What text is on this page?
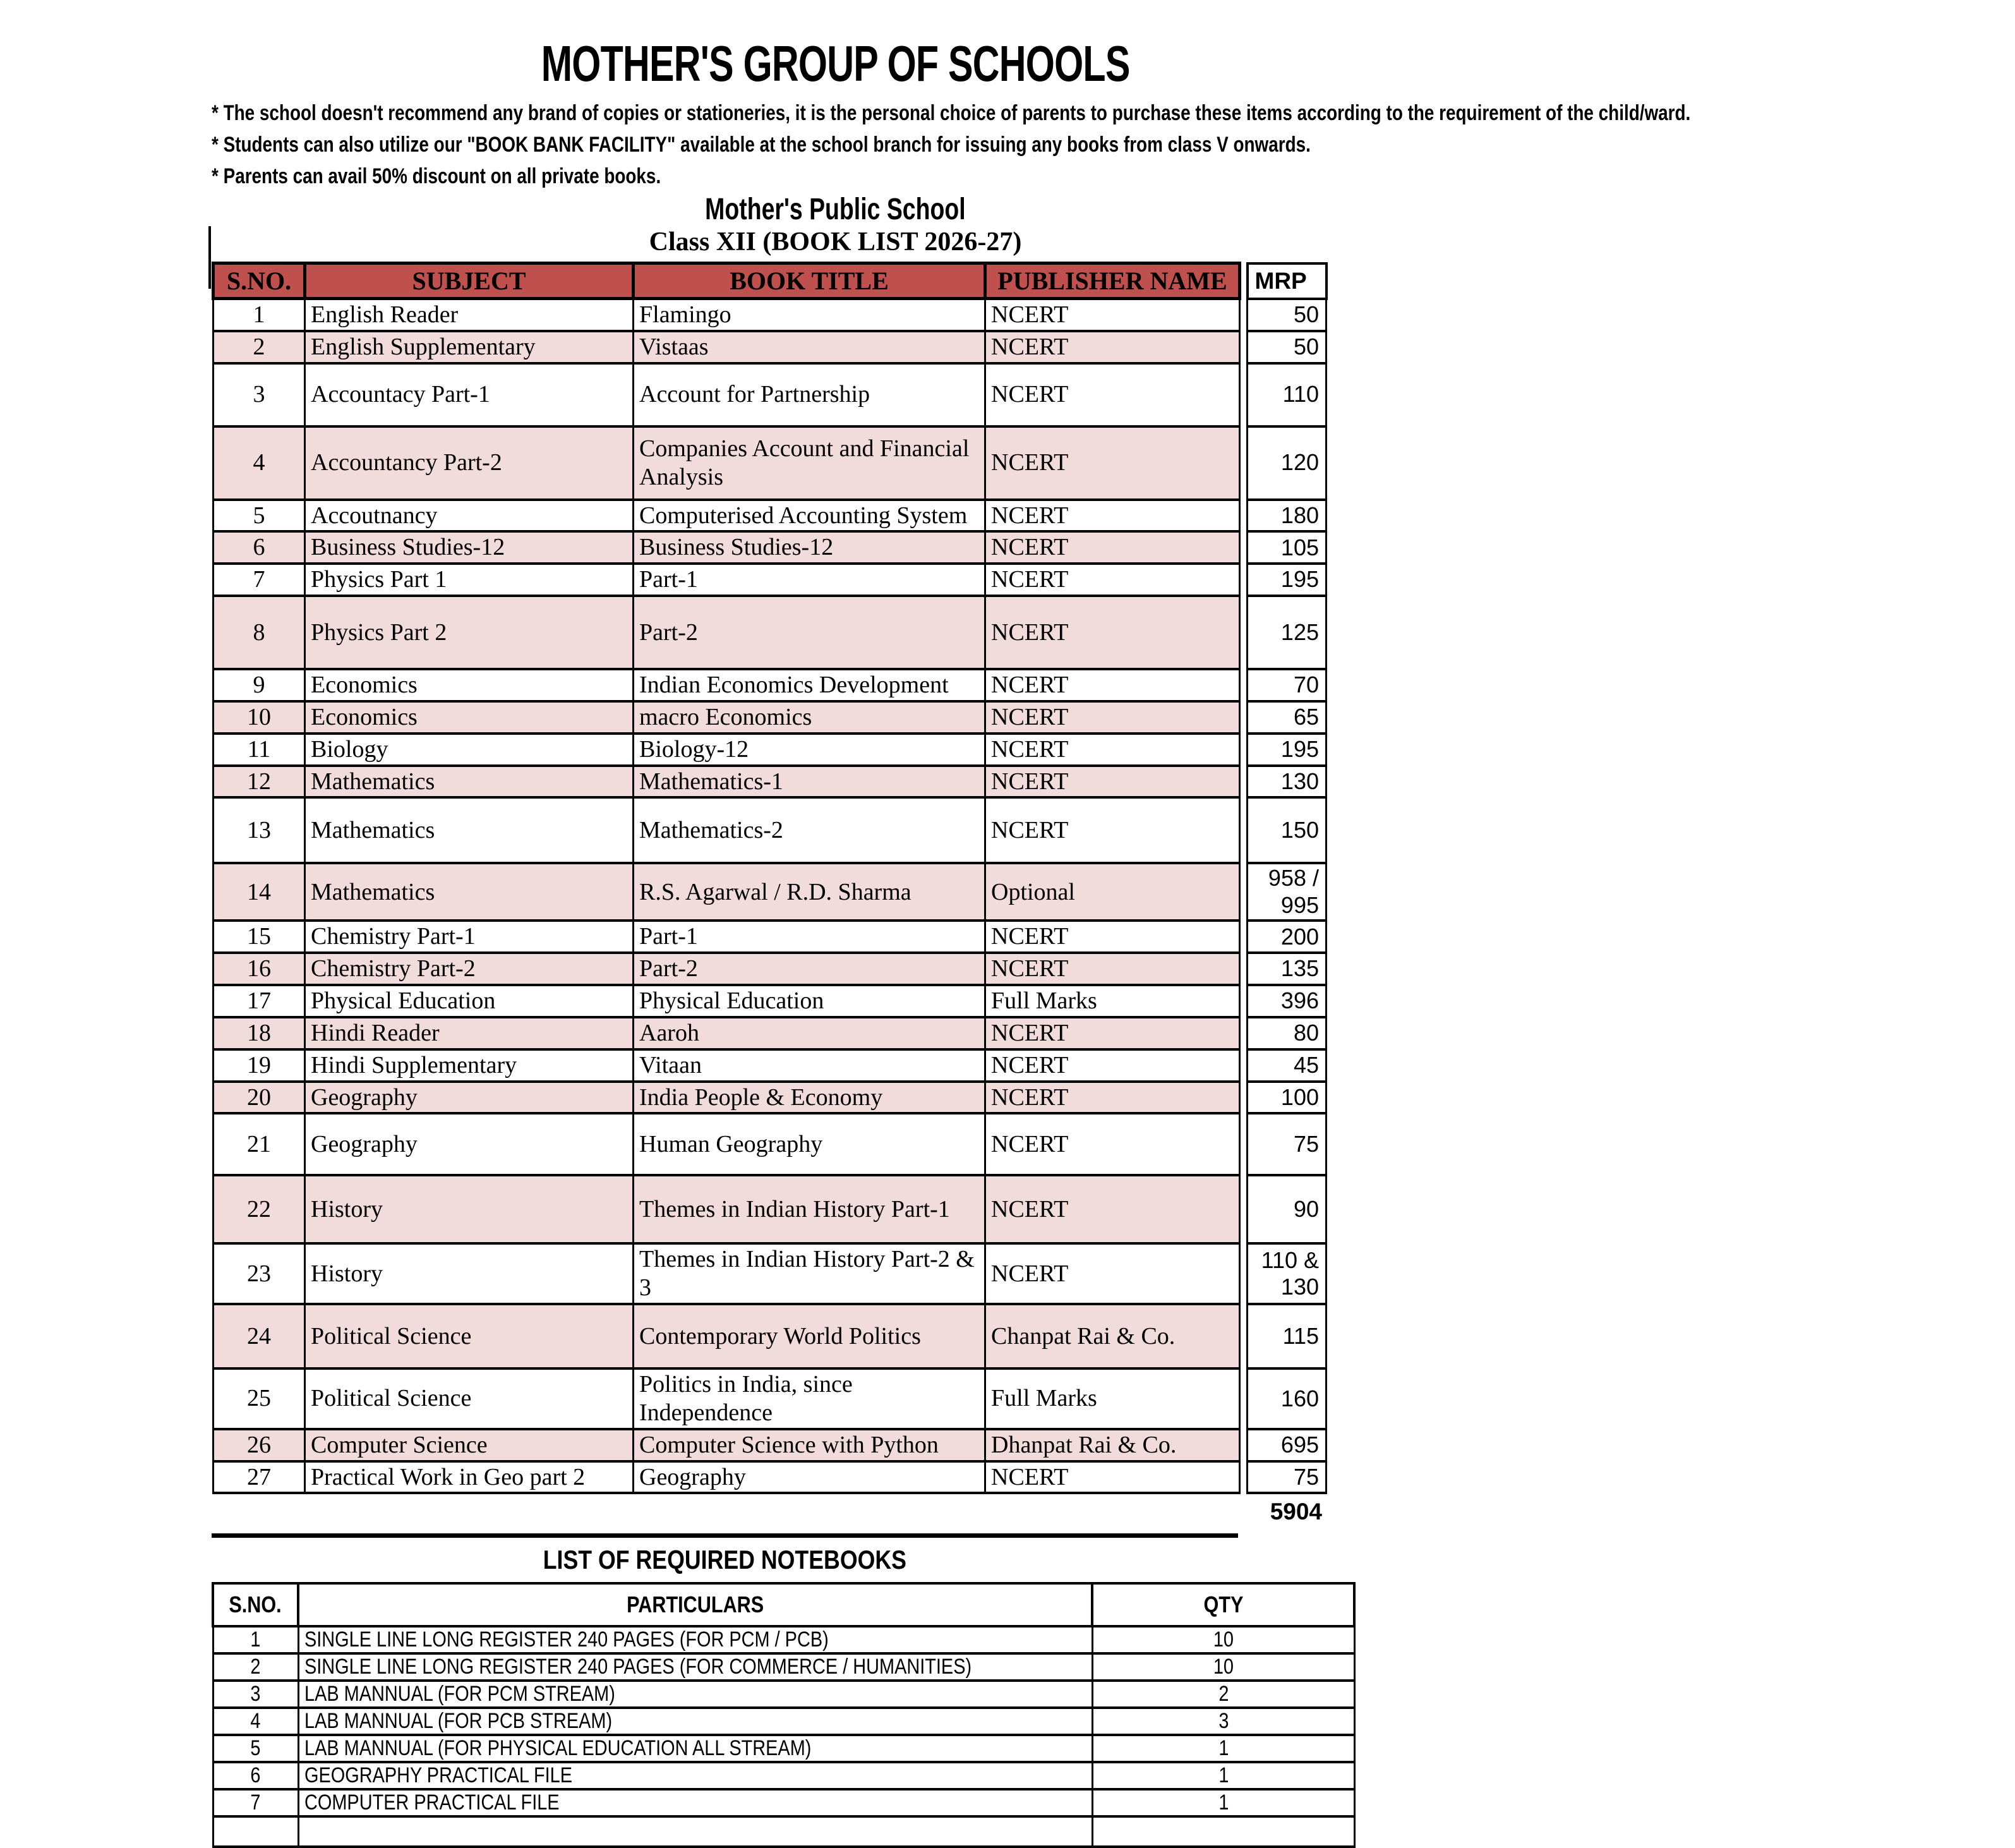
MOTHER'S GROUP OF SCHOOLS
* The school doesn't recommend any brand of copies or stationeries, it is the personal choice of parents to purchase these items according to the requirement of the child/ward.
* Students can also utilize our "BOOK BANK FACILITY" available at the school branch for issuing any books from class V onwards.
* Parents can avail 50% discount on all private books.
Mother's Public School
Class XII (BOOK LIST 2026-27)
S.NO.	SUBJECT	BOOK TITLE	PUBLISHER NAME		MRP
1	English Reader	Flamingo	NCERT		50
2	English Supplementary	Vistaas	NCERT		50
3	Accountacy Part-1	Account for Partnership	NCERT		110
4	Accountancy Part-2	Companies Account and Financial Analysis	NCERT		120
5	Accoutnancy	Computerised Accounting System	NCERT		180
6	Business Studies-12	Business Studies-12	NCERT		105
7	Physics Part 1	Part-1	NCERT		195
8	Physics Part 2	Part-2	NCERT		125
9	Economics	Indian Economics Development	NCERT		70
10	Economics	macro Economics	NCERT		65
11	Biology	Biology-12	NCERT		195
12	Mathematics	Mathematics-1	NCERT		130
13	Mathematics	Mathematics-2	NCERT		150
14	Mathematics	R.S. Agarwal / R.D. Sharma	Optional		958 / 995
15	Chemistry Part-1	Part-1	NCERT		200
16	Chemistry Part-2	Part-2	NCERT		135
17	Physical Education	Physical Education	Full Marks		396
18	Hindi Reader	Aaroh	NCERT		80
19	Hindi Supplementary	Vitaan	NCERT		45
20	Geography	India People & Economy	NCERT		100
21	Geography	Human Geography	NCERT		75
22	History	Themes in Indian History Part-1	NCERT		90
23	History	Themes in Indian History Part-2 & 3	NCERT		110 & 130
24	Political Science	Contemporary World Politics	Chanpat Rai & Co.		115
25	Political Science	Politics in India, since Independence	Full Marks		160
26	Computer Science	Computer Science with Python	Dhanpat Rai & Co.		695
27	Practical Work in Geo part 2	Geography	NCERT		75
5904
LIST OF REQUIRED NOTEBOOKS
S.NO.	PARTICULARS	QTY
1	SINGLE LINE LONG REGISTER 240 PAGES (FOR PCM / PCB)	10
2	SINGLE LINE LONG REGISTER 240 PAGES (FOR COMMERCE / HUMANITIES)	10
3	LAB MANNUAL (FOR PCM STREAM)	2
4	LAB MANNUAL (FOR PCB STREAM)	3
5	LAB MANNUAL (FOR PHYSICAL EDUCATION ALL STREAM)	1
6	GEOGRAPHY PRACTICAL FILE	1
7	COMPUTER PRACTICAL FILE	1
